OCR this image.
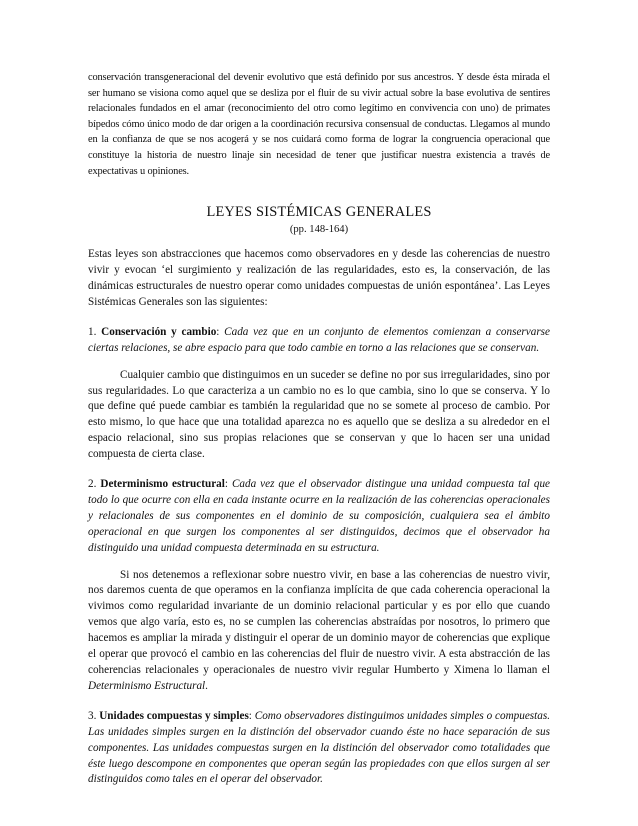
conservación transgeneracional del devenir evolutivo que está definido por sus ancestros. Y desde ésta mirada el ser humano se visiona como aquel que se desliza por el fluir de su vivir actual sobre la base evolutiva de sentires relacionales fundados en el amar (reconocimiento del otro como legítimo en convivencia con uno) de primates bípedos cómo único modo de dar origen a la coordinación recursiva consensual de conductas. Llegamos al mundo en la confianza de que se nos acogerá y se nos cuidará como forma de lograr la congruencia operacional que constituye la historia de nuestro linaje sin necesidad de tener que justificar nuestra existencia a través de expectativas u opiniones.

LEYES SISTÉMICAS GENERALES
(pp. 148-164)

Estas leyes son abstracciones que hacemos como observadores en y desde las coherencias de nuestro vivir y evocan ‘el surgimiento y realización de las regularidades, esto es, la conservación, de las dinámicas estructurales de nuestro operar como unidades compuestas de unión espontánea’. Las Leyes Sistémicas Generales son las siguientes:

1. Conservación y cambio: Cada vez que en un conjunto de elementos comienzan a conservarse ciertas relaciones, se abre espacio para que todo cambie en torno a las relaciones que se conservan.

Cualquier cambio que distinguimos en un suceder se define no por sus irregularidades, sino por sus regularidades. Lo que caracteriza a un cambio no es lo que cambia, sino lo que se conserva. Y lo que define qué puede cambiar es también la regularidad que no se somete al proceso de cambio. Por esto mismo, lo que hace que una totalidad aparezca no es aquello que se desliza a su alrededor en el espacio relacional, sino sus propias relaciones que se conservan y que lo hacen ser una unidad compuesta de cierta clase.

2. Determinismo estructural: Cada vez que el observador distingue una unidad compuesta tal que todo lo que ocurre con ella en cada instante ocurre en la realización de las coherencias operacionales y relacionales de sus componentes en el dominio de su composición, cualquiera sea el ámbito operacional en que surgen los componentes al ser distinguidos, decimos que el observador ha distinguido una unidad compuesta determinada en su estructura.

Si nos detenemos a reflexionar sobre nuestro vivir, en base a las coherencias de nuestro vivir, nos daremos cuenta de que operamos en la confianza implícita de que cada coherencia operacional la vivimos como regularidad invariante de un dominio relacional particular y es por ello que cuando vemos que algo varía, esto es, no se cumplen las coherencias abstraídas por nosotros, lo primero que hacemos es ampliar la mirada y distinguir el operar de un dominio mayor de coherencias que explique el operar que provocó el cambio en las coherencias del fluir de nuestro vivir. A esta abstracción de las coherencias relacionales y operacionales de nuestro vivir regular Humberto y Ximena lo llaman el Determinismo Estructural.

3. Unidades compuestas y simples: Como observadores distinguimos unidades simples o compuestas. Las unidades simples surgen en la distinción del observador cuando éste no hace separación de sus componentes. Las unidades compuestas surgen en la distinción del observador como totalidades que éste luego descompone en componentes que operan según las propiedades con que ellos surgen al ser distinguidos como tales en el operar del observador.
